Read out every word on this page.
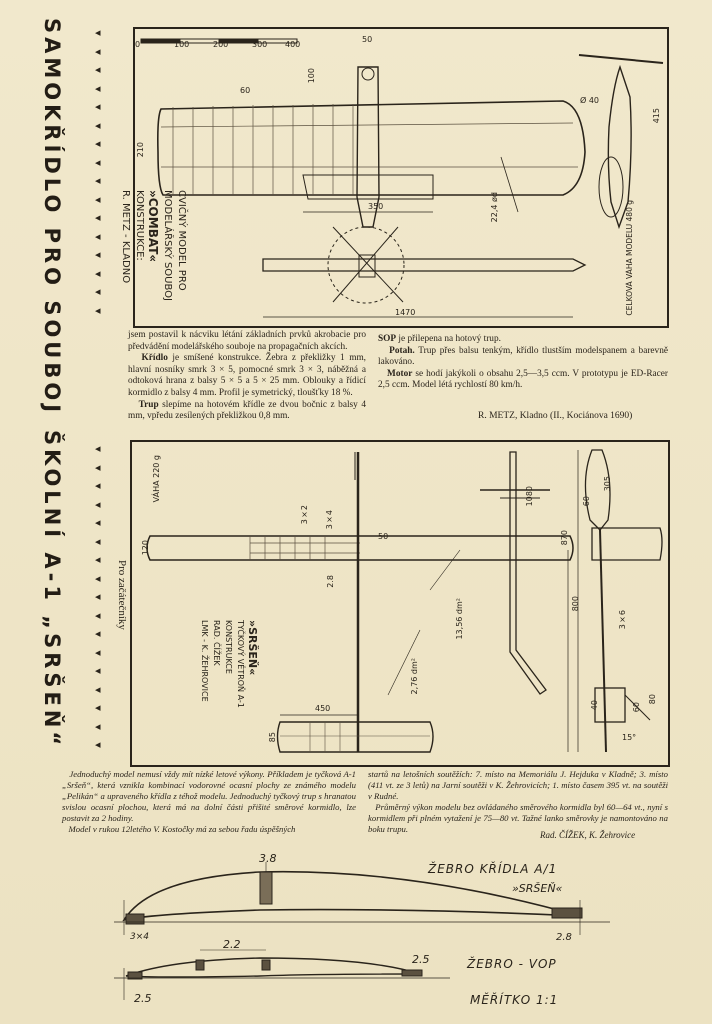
SAMOKŘÍDLO PRO SOUBOJ
ŠKOLNÍ A-1 „SRŠEŇ“	Pro začátečníky
◂
◂
◂
◂
◂
◂
◂
◂
◂
◂
◂
◂
◂
◂
◂
◂
◂
◂
◂
◂
◂
◂
◂
◂
◂
◂
◂
◂
◂
◂
◂
◂
◂
0	100	200	300 400
50
60
100
210
350
415
22,4 ød
Ø 40
1470	CELKOVÁ VÁHA MODELU 480 g
CVIČNÝ MODEL PRO
MODELÁŘSKÝ SOUBOJ
»COMBAT«
KONSTRUKCE:
R. METZ - KLADNO

jsem postavil k nácviku létání základních prvků akrobacie pro předvádění modelářského souboje na propagačních akcích.

Křídlo je smíšené konstrukce. Žebra z překližky 1 mm, hlavní nosníky smrk 3 × 5, pomocné smrk 3 × 3, náběžná a odtoková hrana z balsy 5 × 5 a 5 × 25 mm. Oblouky a řídicí kormidlo z balsy 4 mm. Profil je symetrický, tloušťky 18 %.

Trup slepíme na hotovém křídle ze dvou bočnic z balsy 4 mm, vpředu zesílených překližkou 0,8 mm.

SOP je přilepena na hotový trup.

Potah. Trup přes balsu tenkým, křídlo tlustším modelspanem a barevně lakováno.

Motor se hodí jakýkoli o obsahu 2,5—3,5 ccm. V prototypu je ED-Racer 2,5 ccm. Model létá rychlostí 80 km/h.

R. METZ, Kladno (II., Kociánova 1690)
VÁHA 220 g	1080
305
120
50
3×4
3×2
2.8
13,56 dm²
450
85
2,76 dm²
800
870
3×6
80
60
40
15°
60
»SRŠEŇ«
TYČKOVÝ VĚTROŇ A-1
KONSTRUKCE
RAD. ČÍŽEK
LMK - K. ŽEHROVICE

Jednoduchý model nemusí vždy mít nízké letové výkony. Příkladem je tyčková A-1 „Sršeň“, která vznikla kombinací vodorovné ocasní plochy ze známého modelu „Pelikán“ a upraveného křídla z téhož modelu. Jednoduchý tyčkový trup s hranatou svislou ocasní plochou, která má na dolní části přišité směrové kormidlo, lze postavit za 2 hodiny.

Model v rukou 12letého V. Kostočky má za sebou řadu úspěšných

startů na letošních soutěžích: 7. místo na Memoriálu J. Hejduka v Kladně; 3. místo (411 vt. ze 3 letů) na Jarní soutěži v K. Žehrovicích; 1. místo časem 395 vt. na soutěži v Rudné.

Průměrný výkon modelu bez ovládaného směrového kormidla byl 60—64 vt., nyní s kormidlem při plném vytažení je 75—80 vt. Tažné lanko směrovky je namontováno na boku trupu.

Rad. ČÍŽEK, K. Žehrovice
ŽEBRO KŘÍDLA A/1
»SRŠEŇ«
ŽEBRO - VOP
MĚŘÍTKO 1:1
3.8
3×4	2.8
2.2
2.5
2.5
